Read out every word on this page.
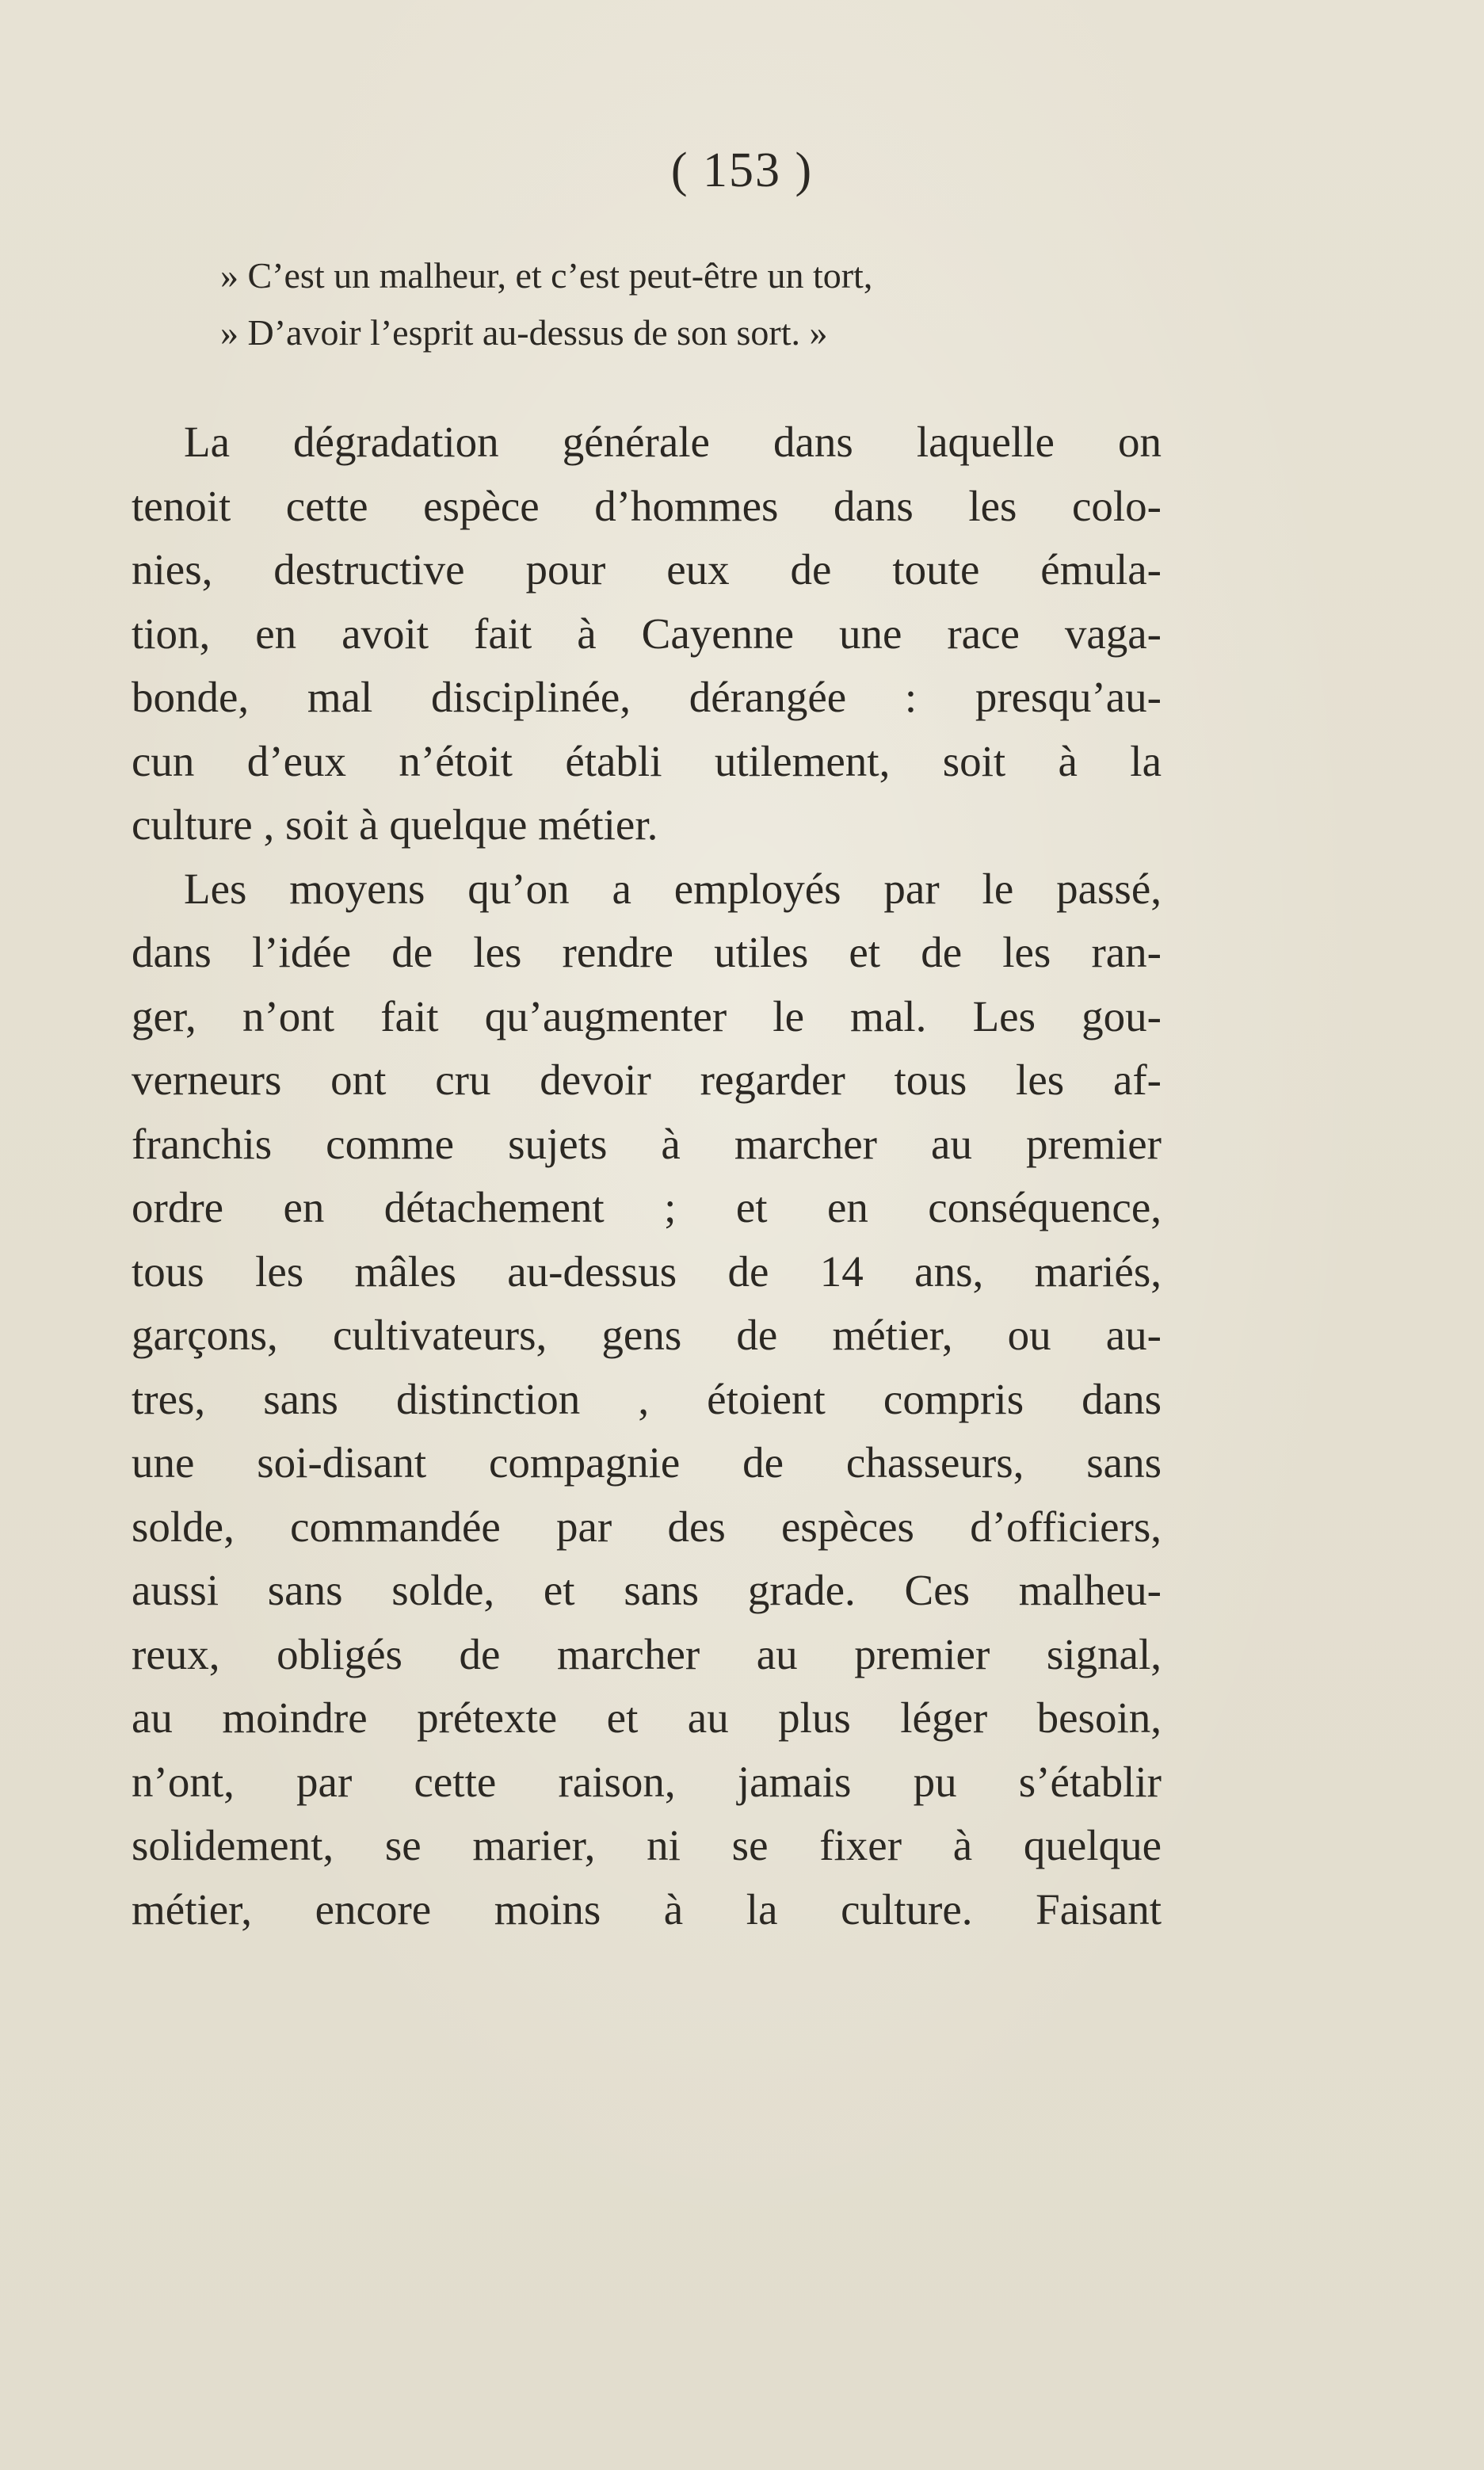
( 153 )
» C’est un malheur, et c’est peut-être un tort,
» D’avoir l’esprit au-dessus de son sort. »
La dégradation générale dans laquelle on
tenoit cette espèce d’hommes dans les colo-
nies, destructive pour eux de toute émula-
tion, en avoit fait à Cayenne une race vaga-
bonde, mal disciplinée, dérangée : presqu’au-
cun d’eux n’étoit établi utilement, soit à la
culture , soit à quelque métier.
Les moyens qu’on a employés par le passé,
dans l’idée de les rendre utiles et de les ran-
ger, n’ont fait qu’augmenter le mal. Les gou-
verneurs ont cru devoir regarder tous les af-
franchis comme sujets à marcher au premier
ordre en détachement ; et en conséquence,
tous les mâles au-dessus de 14 ans, mariés,
garçons, cultivateurs, gens de métier, ou au-
tres, sans distinction , étoient compris dans
une soi-disant compagnie de chasseurs, sans
solde, commandée par des espèces d’officiers,
aussi sans solde, et sans grade. Ces malheu-
reux, obligés de marcher au premier signal,
au moindre prétexte et au plus léger besoin,
n’ont, par cette raison, jamais pu s’établir
solidement, se marier, ni se fixer à quelque
métier, encore moins à la culture. Faisant
